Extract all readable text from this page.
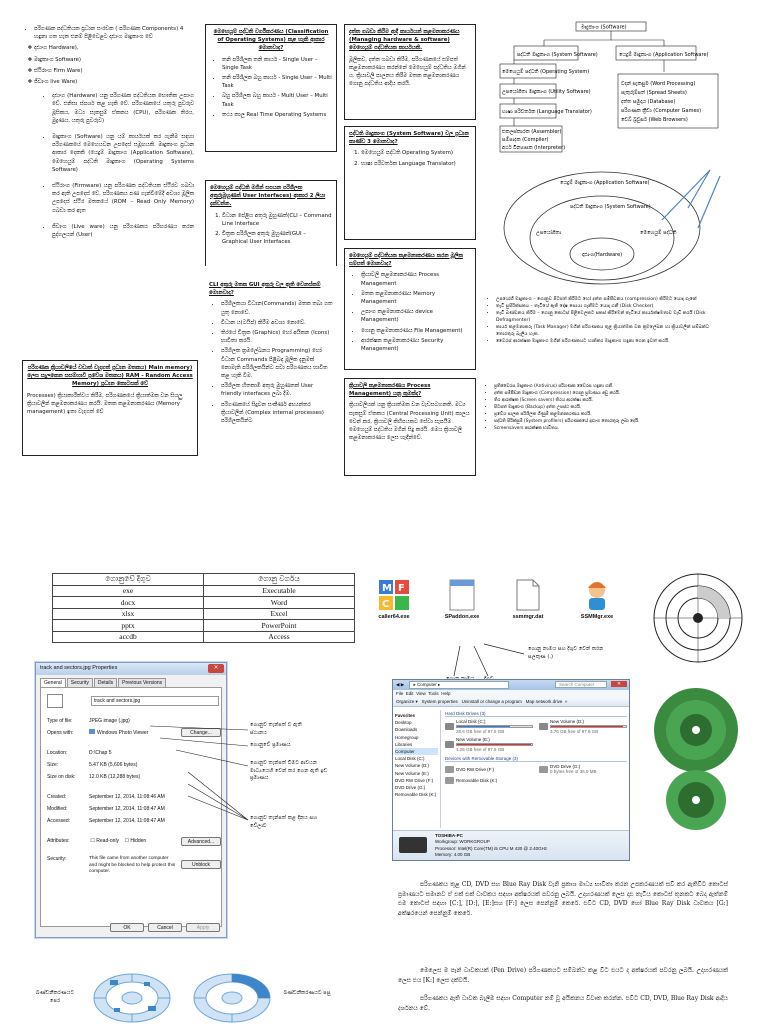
• පරිගණක පද්ධතියක ප්‍රධාන සංරචක ( පරිගණක Components) 4 හඳුනා ගත හැක එනම් පිළිවෙළට දෘඪාංග මෘදුකාංග වේ
❖ දෘඪාංග Hardware),
❖ මෘදුකාංග Software)
❖ ස්ථිරාංග Firm Ware)
❖ ජීවාංග live Ware)
• දෘඪාංග (Hardware) යනු පරිගණක පද්ධතියක භෞතික උපාංග වේ. එනිසා ස්පර්ශ කළ හැකි වේ. පරිගණකයේ යතුරු පුවරුව මූසිකය, මධ්‍ය සැකසුම් ඒකකය (CPU), පරිගණක තිරය, මුද්‍රණය, යතුරු පුවරුව)
• මෘදුකාංග (Software) යනු යම් කාර්යයක් කර ගැනීම සඳහා පරිගණකයේ මෙහෙයවන උපදෙස් සමූහයකි. මෘදුකාංග ප්‍රධාන ආකාර දෙකකි (යෙදුම් මෘදුකාංග (Application Software), මෙහෙයුම් පද්ධති මෘදුකාංග (Operating Systems Software)
• ස්ථිරාංග (Firmware) යනු පරිගණක පද්ධතියක ස්ථිරව ගබඩා කර ඇති උපදෙස් වේ. පරිගණකය පණ ගැන්වීමේදී අවශ්‍ය මූලික උපදෙස් ස්ථිර මතකයේ (ROM – Read Only Memory) ගබඩා කර ඇත
• ජීවාංග (Live ware) යනු පරිගණකය පරිහරණය කරන පුද්ගලයන් (User)
පරිගණක ක්‍රියාවලියේ වඩාත් වැදගත් ප්‍රධාන මතකය) Main memory) ලෙස සැලකෙන සසම්භාවී ප්‍රවේශ මතකය) RAM - Random Access Memory) ප්‍රධාන කොටසක් වේ
Processes) ක්‍රියාකාරීත්වය කිරීම, පරිගණකයේ ක්‍රියාත්මක වන සියලු ක්‍රියාවලීන් කළමනාකරණය කරයි. මතක කළමනාකරණය (Memory management) ඉතා වැදගත් වේ
මෙහෙයුම් පද්ධති වර්ගීකරණය (Classification of Operating Systems) කළ හැකි ආකාර මොනවාද?
• තනි පරිශීලක තනි කාර්ය - Single User – Single Task
• තනි පරිශීලක බහු කාර්ය - Single User – Multi Task
• බහු පරිශීලක බහු කාර්ය - Multi User – Multi Task
• තථ්‍ය කාල Real Time Operating Systems
මෙහෙයුම් පද්ධති මගින් සපයන පරිශීලක අතුරුමුහුණත් User Interfaces) ආකාර 2 ලියා දක්වන්න.
1. විධාන පේළිය අතුරු මුහුණත්(CLI – Command Line Interface
2. චිත්‍රක පරිශීලක අතුරු මුහුණත්(GUI – Graphical User Interfaces
CLI අතුරු මතක GUI අතුරු වල ඇති වෙනස්කම් මොනවාද?
• පරිශීලකයා විධාන(Commands) මතක තබා ගත යුතු නොවේ.
• විධාන ය(ටයිප්) කිරීම අවශ්‍ය නොවේ.
• තිරයේ චිත්‍රක (Graphics) හෝ අයිකන (Icons) භාවිතා කරයි.
• පරිශීලක ක්‍රමලේඛනය Programming) හෝ විධාන Commands පිළිබඳ මූලික දැනුමක් නොමැති පරිශීලකයින්ට පවා පරිගණකය භාවිත කළ හැකි වීම.
• පරිශීලක හිතකාමී අතුරු මුහුණතක් User friendly interfaces ලබා දීම.
• පරිගණකයේ සිදුවන සංකීර්ණ අභ්‍යන්තර ක්‍රියාවලීන් (Complex internal processes) පරිශීලකයින්ට
දත්ත ගබඩා කිරීම ආදී කාර්යයන් කළමනාකරණය (Managing hardware & software) මෙහෙයුම් පද්ධතියක කාර්යයකි.
මූලිකව, දත්ත ගබඩා කිරීම, පරිගණකයේ සම්පත් කළමනාකරණය කරන්නේ මෙහෙයුම් පද්ධතිය මගින් ය. ක්‍රියාවලි පාලනය කිරීම මතක කළමනාකරණය ගොනු පද්ධතිය ආදිය කරයි.
පද්ධති මෘදුකාංග (System Software) වල ප්‍රධාන කාණ්ඩ 3 මොනවාද?
1. මෙහෙයුම් පද්ධති Operating System)
2. භාෂා පරිවර්තක Language Translator)
මෙහෙයුම් පද්ධතියක කළමනාකරණය කරන මූලික සම්පත් මොනවාද?
• ක්‍රියාවලි කළමනාකරණය Process Management
• මතක කළමනාකරණය Memory Management
• උපාංග කළමනාකරණය device Management)
• ගොනු කළමනාකරණය File Management)
• ආරක්ෂක කළමනාකරණය Security Management)
ක්‍රියාවලි කළමනාකරණය Process Management) යනු කුමක්ද?
ක්‍රියාවලියක් යනු ක්‍රියාත්මක වන වැඩසටහනකි. මධ්‍ය සැකසුම් ඒකකය (Central Processing Unit) කාලය වෙන් කර, ක්‍රියාවලි කිහිපයකට සේවා සැපයීම මෙහෙයුම් පද්ධතිය මගින් සිදු කරයි. මෙය ක්‍රියාවලි කළමනාකරණය ලෙස හැඳින්වේ.
මෘදුකාංග (Software)
පද්ධති මෘදුකාංග (System Software)	යෙදුම් මෘදුකාංග (Application Software)
මෙහෙයුම් පද්ධති (Operating System)
උපයෝගිතා මෘදුකාංග (Utility Software)
භාෂා පරිවර්තක (Language Translator)
එකලස්කාරක (Assembler)
සම්පාදක (Compiler)
අර්ථ වින්‍යාසක (Interpreter)
වදන් සැකසුම (Word Processing)
පැතුරුම්පත් (Spread Sheets)
දත්ත සමුදාය (Database)
පරිගණක ක්‍රීඩා (Computer Games)
වෙබ් බ්‍රවුසර් (Web Browsers)
යෙදුම් මෘදුකාංග (Application Software)
පද්ධති මෘදුකාංග (System Software)
දෘඪාංග(Hardware)
උපයෝගිතා	මෙහෙයුම් පද්ධති
• උපයෝගී මෘදුකාංග – ගොනුව පිටපත් කිරීමට හෝ දත්ත සම්පීඩනය (compression) කිරීමට යොදා ගැනේ
• තැටි සුපිරික්සකය – තැටියේ ඇති දෝෂ සොයා ගැනීමට යොදා ගනී (Disk Checker)
• තැටි ඛණ්ඩනය කිරීම – ගොනු කොටස් පිළිවෙලකට සකස් කිරීමෙන් තැටියේ කාර්යක්ෂමතාව වැඩි කරයි (Disk Defragmenter)
• කාර්ය කළමනාකරු (Task Manager) මගින් පරිගණකය තුළ ක්‍රියාත්මක වන ක්‍රමලේඛන හා ක්‍රියාවලීන් සම්බන්ධ තොරතුරු බැලිය හැක.
• වෛරස් ආරක්ෂක මෘදුකාංග මගින් පරිගණකයට හානිකර මෘදුකාංග හඳුනා ගෙන ඉවත් කරයි.
• ප්‍රතිවෛරස මෘදුකාංග (Antivirus) පරිගණක වෛරස හඳුනා ගනී.
• දත්ත සම්පීඩන මෘදුකාංග (Compression) ගොනු ප්‍රමාණය අඩු කරයි.
• තිර ආරක්ෂක (Screen savers) තිරය ආරක්ෂා කරයි.
• පිටපත් මෘදුකාංග (Backup) දත්ත උපස්ථ කරයි.
• ප්‍රවේශ පාලක පරිශීලක ගිණුම් කළමනාකරණය කරයි.
• පද්ධති පිරික්සුම් (System profilers) පරිගණකයේ දෘඪාංග තොරතුරු ලබා දෙයි.
• Screensavers ආරක්ෂක භාවිතය.
ගොනුවේ දිගුව	ගොනු වර්ගය
exe	Executable
docx	Word
xlsx	Excel
pptx	PowerPoint
accdb	Access
M F
C
caller64.exe	SPaddon.exe	ssmmgr.dat	SSMMgr.exe
ගොනු නාමය සහ දිගුව වෙන් කරන සලකුණ (.)
track and sectors.jpg Properties	✕
General	Security	Details	Previous Versions
track and sectors.jpg
Type of file:	JPEG image (.jpg)
Opens with:	Windows Photo Viewer	Change...
Location:	D:\Chap 5
Size:	5.47 KB (5,606 bytes)
Size on disk:	12.0 KB (12,288 bytes)
Created:	September 12, 2014, 11:08:46 AM
Modified:	September 12, 2014, 11:08:47 AM
Accessed:	September 12, 2014, 11:08:47 AM
Attributes:	☐ Read-only ☐ Hidden	Advanced...
Security:	This file came from another computer and might be blocked to help protect this computer.
Unblock
OK	Cancel	Apply
ගොනුව තැන්පත් ව ඇති ස්ථානය
ගොනුවේ ප්‍රමාණය
ගොනුව තැන්පත් වීමට ආචයන මාධ්‍යයෙහි වෙන් කර ගෙන ඇති ඉඩ ප්‍රමාණය
ගොනුව තැන්පත් කළ දිනය සහ වේලාව
◀ ▶ ▸ Computer ▸	Search Computer	✕
File Edit View Tools Help
Organize ▾ System properties Uninstall or change a program Map network drive »
Favorites
Desktop
Downloads
Homegroup
Libraries
Computer
Local Disk (C:)
New Volume (D:)
New Volume (E:)
DVD RW Drive (F:)
DVD Drive (G:)
Removable Disk (K:)
Hard Disk Drives (3)
Local Disk (C:)
28.6 GB free of 97.6 GB
New Volume (D:)
3.76 GB free of 97.6 GB
New Volume (E:)
1.25 GB free of 97.6 GB
Devices with Removable Storage (3)
DVD RW Drive (F:)	DVD Drive (G:)
0 bytes free of 36.9 MB
Removable Disk (K:)
TOSHIBA-PC
Workgroup: WORKGROUP
Processor: Intel(R) Core(TM) i5 CPU M 430 @ 2.40GHz
Memory: 4.00 GB
පරිගණකය තුළ CD, DVD සහ Blue Ray Disk වැනි ප්‍රකාශ මාධ්‍ය භාවිතා කරන උපකරණයක් සවි කර ඇතිවිට කොටස් ප්‍රමාණයට සමානව ඒ එක් එක් ධාවකය සඳහා අක්ෂරයක් පවරනු ලබයි. උදාහරණයක් ලෙස දෘඪ තැටිය කොටස් තුනකට බෙදා ඇත්නම් එම කොටස් සඳහා [C:], [D:], [E:]සහ [F:] ලෙස පෙන්නුම් කෙරේ. එවිට CD, DVD හෝ Blue Ray Disk ධාවකය [G:] අක්ෂරයෙන් පෙන්නුම් කෙරේ.
මෙලෙස ම පෑන් ධාවකයක් (Pen Drive) පරිගණකයට සම්බන්ධ කළ විට එයට ද අක්ෂරයක් පවරනු ලබයි. උදාහරණයක් ලෙස එය [K:] ලෙස දක්වයි.
පරිගණකය ඇති ධාවක බැලීම සඳහා Computer නම් වූ අයිකනය විවෘත කරන්න. එවිට CD, DVD, Blue Ray Disk ආදිය දර්ශනය වේ.
ඛණ්ඩනීකරණයට පෙර
ඛණ්ඩනීකරණයට පසු
